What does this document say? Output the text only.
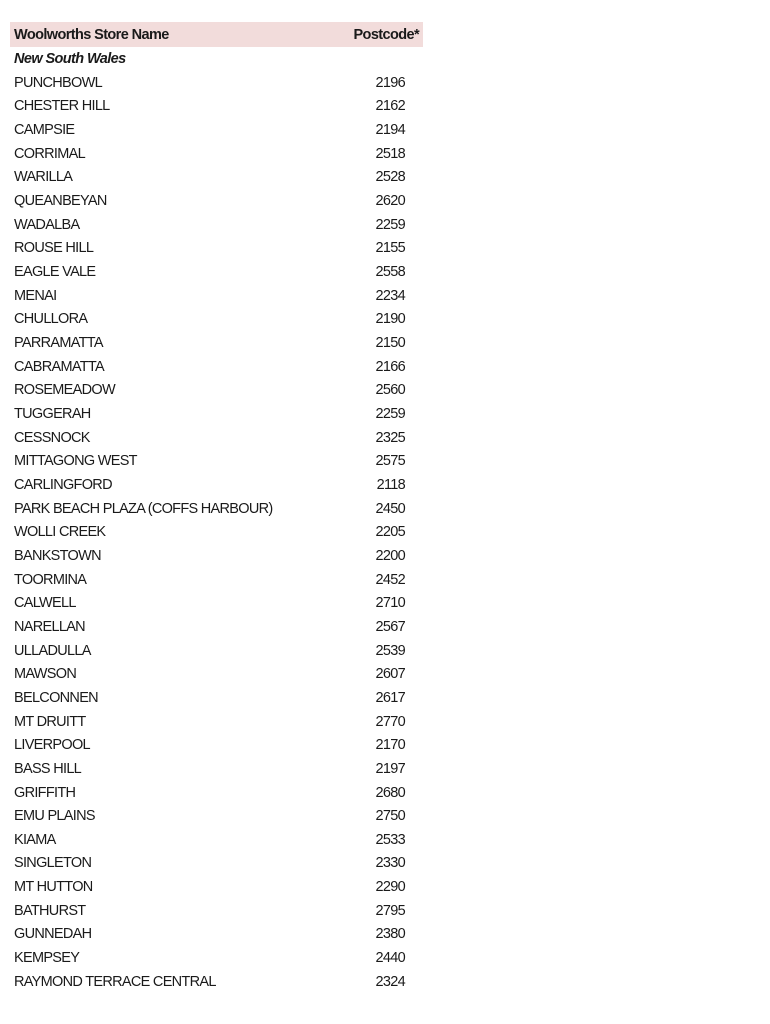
Woolworths Store Name	Postcode*
New South Wales
PUNCHBOWL	2196
CHESTER HILL	2162
CAMPSIE	2194
CORRIMAL	2518
WARILLA	2528
QUEANBEYAN	2620
WADALBA	2259
ROUSE HILL	2155
EAGLE VALE	2558
MENAI	2234
CHULLORA	2190
PARRAMATTA	2150
CABRAMATTA	2166
ROSEMEADOW	2560
TUGGERAH	2259
CESSNOCK	2325
MITTAGONG WEST	2575
CARLINGFORD	2118
PARK BEACH PLAZA (COFFS HARBOUR)	2450
WOLLI CREEK	2205
BANKSTOWN	2200
TOORMINA	2452
CALWELL	2710
NARELLAN	2567
ULLADULLA	2539
MAWSON	2607
BELCONNEN	2617
MT DRUITT	2770
LIVERPOOL	2170
BASS HILL	2197
GRIFFITH	2680
EMU PLAINS	2750
KIAMA	2533
SINGLETON	2330
MT HUTTON	2290
BATHURST	2795
GUNNEDAH	2380
KEMPSEY	2440
RAYMOND TERRACE CENTRAL	2324
